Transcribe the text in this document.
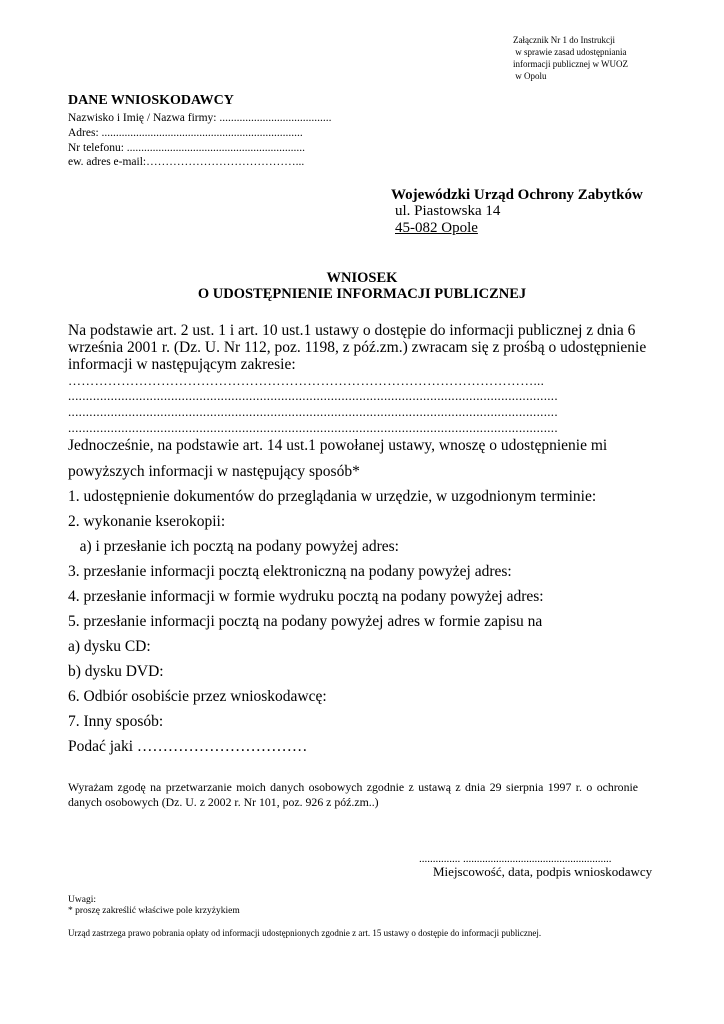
Załącznik Nr 1 do Instrukcji
w sprawie zasad udostępniania
informacji publicznej w WUOZ
w Opolu
DANE WNIOSKODAWCY
Nazwisko i Imię / Nazwa firmy: .......................................
Adres: ......................................................................
Nr telefonu: ..............................................................
ew. adres e-mail:…………………………………...
Wojewódzki Urząd Ochrony Zabytków
ul. Piastowska 14
45-082 Opole
WNIOSEK
O UDOSTĘPNIENIE INFORMACJI PUBLICZNEJ
Na podstawie art. 2 ust. 1 i art. 10 ust.1 ustawy o dostępie do informacji publicznej z dnia 6
września 2001 r. (Dz. U. Nr 112, poz. 1198, z póź.zm.) zwracam się z prośbą o udostępnienie
informacji w następującym zakresie:
……………………………………………………………………………………………...
..........................................................................................................................................
..........................................................................................................................................
..........................................................................................................................................
Jednocześnie, na podstawie art. 14 ust.1 powołanej ustawy, wnoszę o udostępnienie mi
powyższych informacji w następujący sposób*
1. udostępnienie dokumentów do przeglądania w urzędzie, w uzgodnionym terminie:
2. wykonanie kserokopii:
a) i przesłanie ich pocztą na podany powyżej adres:
3. przesłanie informacji pocztą elektroniczną na podany powyżej adres:
4. przesłanie informacji w formie wydruku pocztą na podany powyżej adres:
5. przesłanie informacji pocztą na podany powyżej adres w formie zapisu na
a) dysku CD:
b) dysku DVD:
6. Odbiór osobiście przez wnioskodawcę:
7. Inny sposób:
Podać jaki ……………………………
Wyrażam zgodę na przetwarzanie moich danych osobowych zgodnie z ustawą z dnia 29 sierpnia 1997 r. o ochronie danych osobowych (Dz. U. z 2002 r. Nr 101, poz. 926 z póź.zm..)
............... ......................................................
Miejscowość, data, podpis wnioskodawcy
Uwagi:
* proszę zakreślić właściwe pole krzyżykiem
Urząd zastrzega prawo pobrania opłaty od informacji udostępnionych zgodnie z art. 15 ustawy o dostępie do informacji publicznej.
